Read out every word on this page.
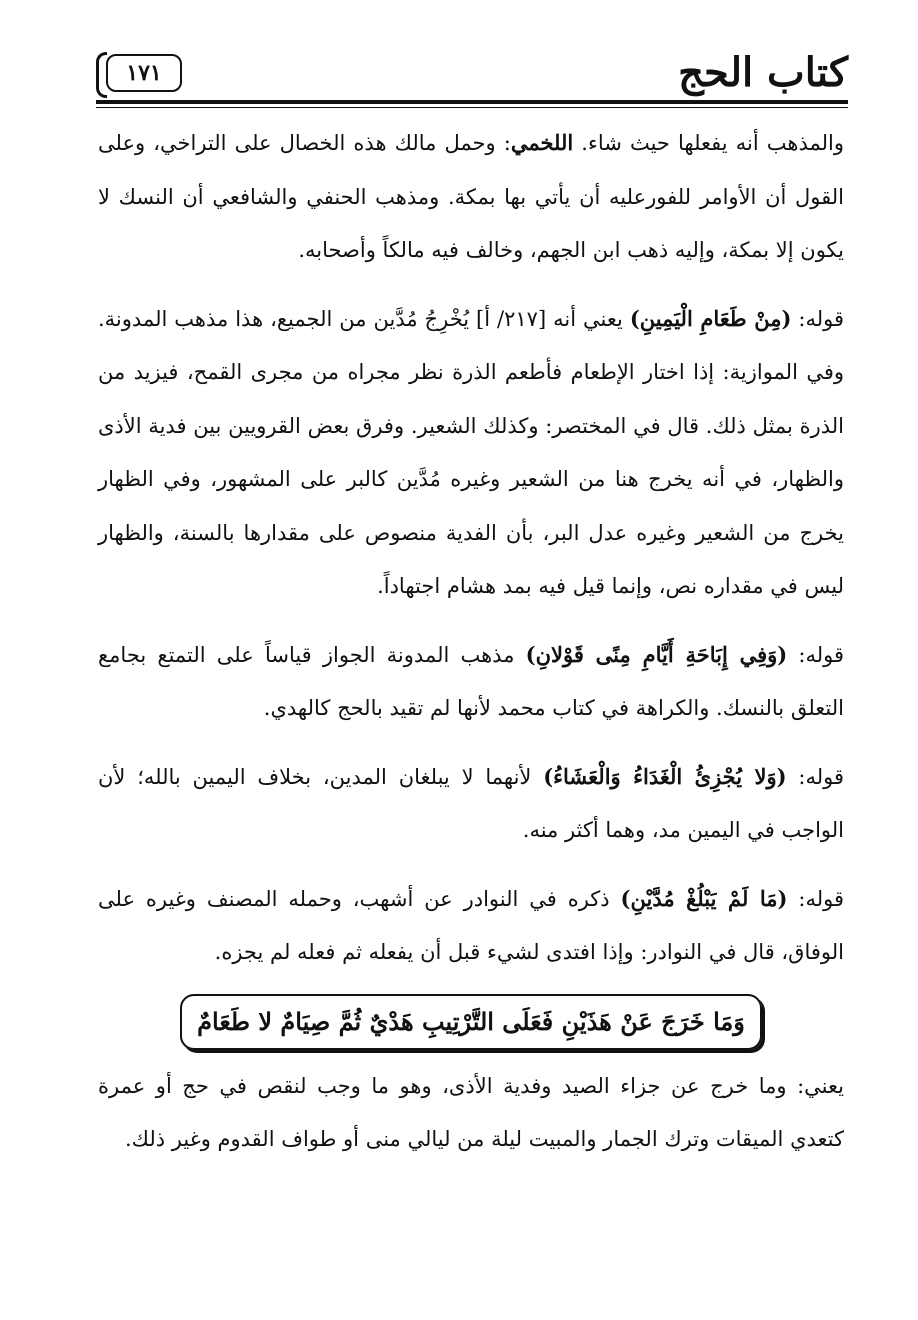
كتاب الحج
١٧١

والمذهب أنه يفعلها حيث شاء. اللخمي: وحمل مالك هذه الخصال على التراخي، وعلى القول أن الأوامر للفورعليه أن يأتي بها بمكة. ومذهب الحنفي والشافعي أن النسك لا يكون إلا بمكة، وإليه ذهب ابن الجهم، وخالف فيه مالكاً وأصحابه.

قوله: (مِنْ طَعَامِ الْيَمِينِ) يعني أنه [٢١٧/ أ] يُخْرِجُ مُدَّين من الجميع، هذا مذهب المدونة. وفي الموازية: إذا اختار الإطعام فأطعم الذرة نظر مجراه من مجرى القمح، فيزيد من الذرة بمثل ذلك. قال في المختصر: وكذلك الشعير. وفرق بعض القرويين بين فدية الأذى والظهار، في أنه يخرج هنا من الشعير وغيره مُدَّين كالبر على المشهور، وفي الظهار يخرج من الشعير وغيره عدل البر، بأن الفدية منصوص على مقدارها بالسنة، والظهار ليس في مقداره نص، وإنما قيل فيه بمد هشام اجتهاداً.

قوله: (وَفِي إِبَاحَةِ أَيَّامِ مِنًى قَوْلانِ) مذهب المدونة الجواز قياساً على التمتع بجامع التعلق بالنسك. والكراهة في كتاب محمد لأنها لم تقيد بالحج كالهدي.

قوله: (وَلا يُجْزِئُ الْغَدَاءُ وَالْعَشَاءُ) لأنهما لا يبلغان المدين، بخلاف اليمين بالله؛ لأن الواجب في اليمين مد، وهما أكثر منه.

قوله: (مَا لَمْ يَبْلُغْ مُدَّيْنِ) ذكره في النوادر عن أشهب، وحمله المصنف وغيره على الوفاق، قال في النوادر: وإذا افتدى لشيء قبل أن يفعله ثم فعله لم يجزه.

وَمَا خَرَجَ عَنْ هَذَيْنِ فَعَلَى التَّرْتِيبِ هَدْيٌ ثُمَّ صِيَامٌ لا طَعَامٌ

يعني: وما خرج عن جزاء الصيد وفدية الأذى، وهو ما وجب لنقص في حج أو عمرة كتعدي الميقات وترك الجمار والمبيت ليلة من ليالي منى أو طواف القدوم وغير ذلك.
